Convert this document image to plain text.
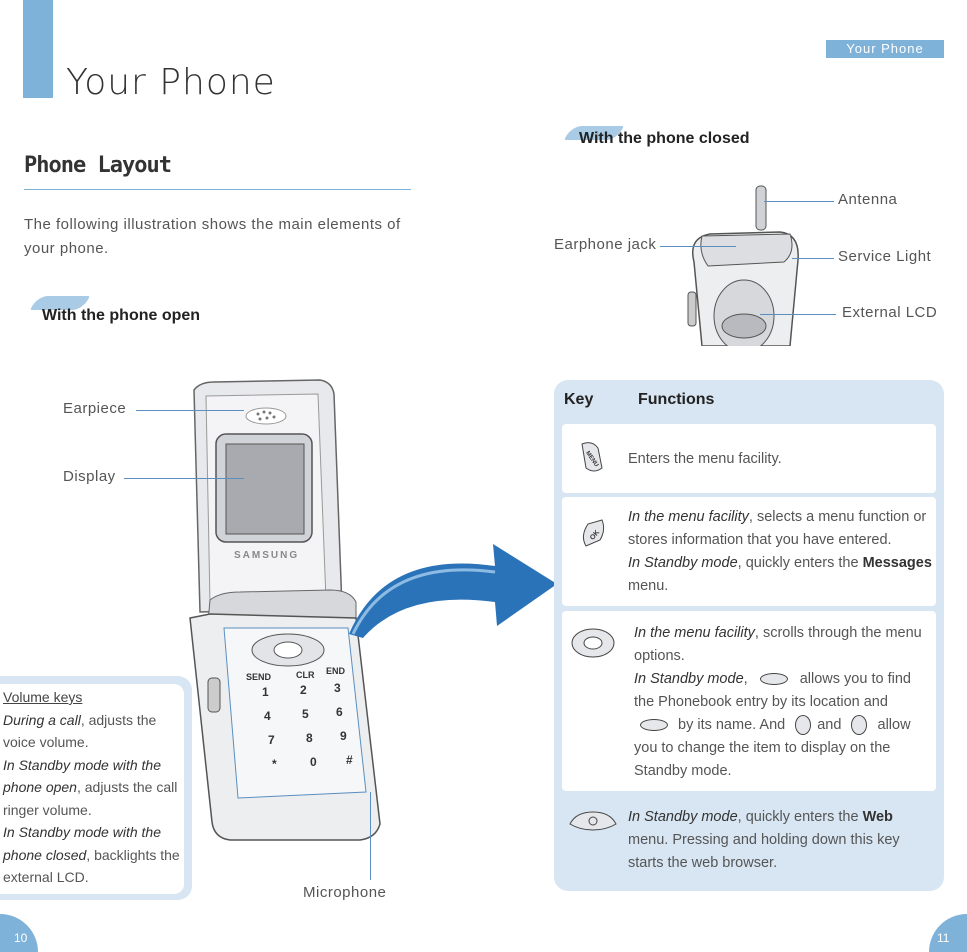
Your Phone
Your Phone
Phone Layout
The following illustration shows the main elements of your phone.
With the phone open
With the phone closed
SAMSUNG
SEND	CLR END
1	2 3
4	5 6
7	8 9
*	0 #
Earpiece
Display
Microphone
Volume keys
During a call, adjusts the voice volume.
In Standby mode with the phone open, adjusts the call ringer volume.
In Standby mode with the phone closed, backlights the external LCD.
Earphone jack
Antenna
Service Light
External LCD
Key	Functions
MENU Enters the menu facility.
OK
In the menu facility, selects a menu function or stores information that you have entered.
In Standby mode, quickly enters the Messages menu.
In the menu facility, scrolls through the menu options.
In Standby mode,	allows you to find the Phonebook entry by its location and by its name. And and allow you to change the item to display on the Standby mode.
In Standby mode, quickly enters the Web menu. Pressing and holding down this key starts the web browser.
10	11
